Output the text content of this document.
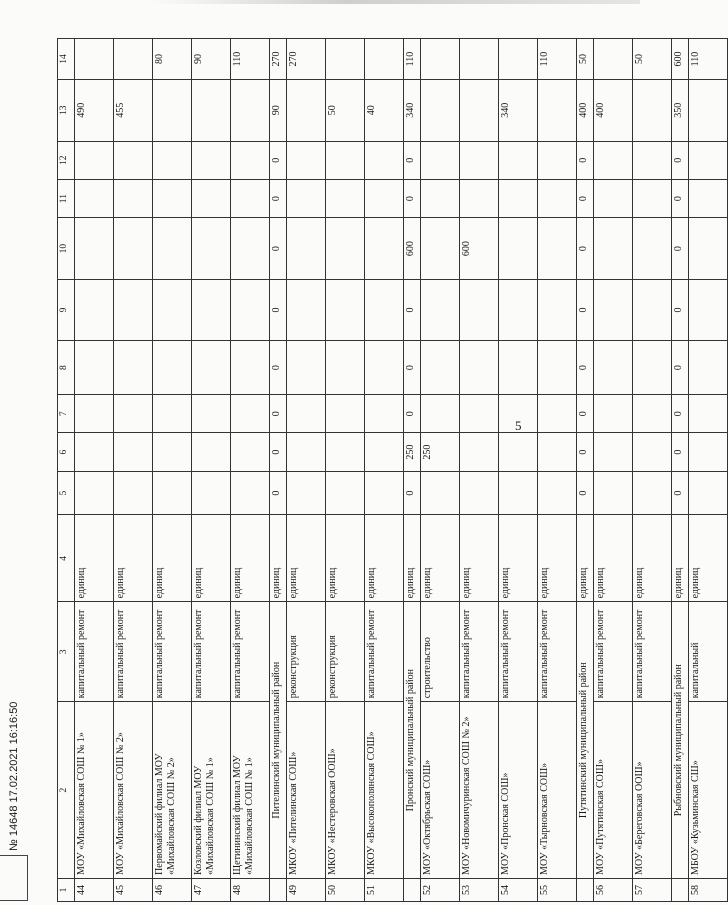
5
№ 14648 17.02.2021 16:16:50
1	2	3	4	5	6	7	8	9	10	11	12	13	14
44	МОУ «Михайловская СОШ № 1»	капитальный ремонт	единиц									490	
45	МОУ «Михайловская СОШ № 2»	капитальный ремонт	единиц									455	
46	Первомайский филиал МОУ «Михайловская СОШ № 2»	капитальный ремонт	единиц										80
47	Козловский филиал МОУ «Михайловская СОШ № 1»	капитальный ремонт	единиц										90
48	Щетининский филиал МОУ «Михайловская СОШ № 1»	капитальный ремонт	единиц										110
	Пителинский муниципальный район		единиц	0	0	0	0	0	0	0	0	90	270
49	МКОУ «Пителинская СОШ»	реконструкция	единиц										270
50	МКОУ «Нестеровская ООШ»	реконструкция	единиц									50	
51	МКОУ «Высокополянская СОШ»	капитальный ремонт	единиц									40	
	Пронский муниципальный район		единиц	0	250	0	0	0	600	0	0	340	110
52	МОУ «Октябрьская СОШ»	строительство	единиц		250								
53	МОУ «Новомичуринская СОШ № 2»	капитальный ремонт	единиц						600				
54	МОУ «Пронская СОШ»	капитальный ремонт	единиц									340	
55	МОУ «Тырновская СОШ»	капитальный ремонт	единиц										110
	Путятинский муниципальный район		единиц	0	0	0	0	0	0	0	0	400	50
56	МОУ «Путятинская СОШ»	капитальный ремонт	единиц									400	
57	МОУ «Береговская ООШ»	капитальный ремонт	единиц										50
	Рыбновский муниципальный район		единиц	0	0	0	0	0	0	0	0	350	600
58	МБОУ «Кузьминская СШ»	капитальный	единиц										110
